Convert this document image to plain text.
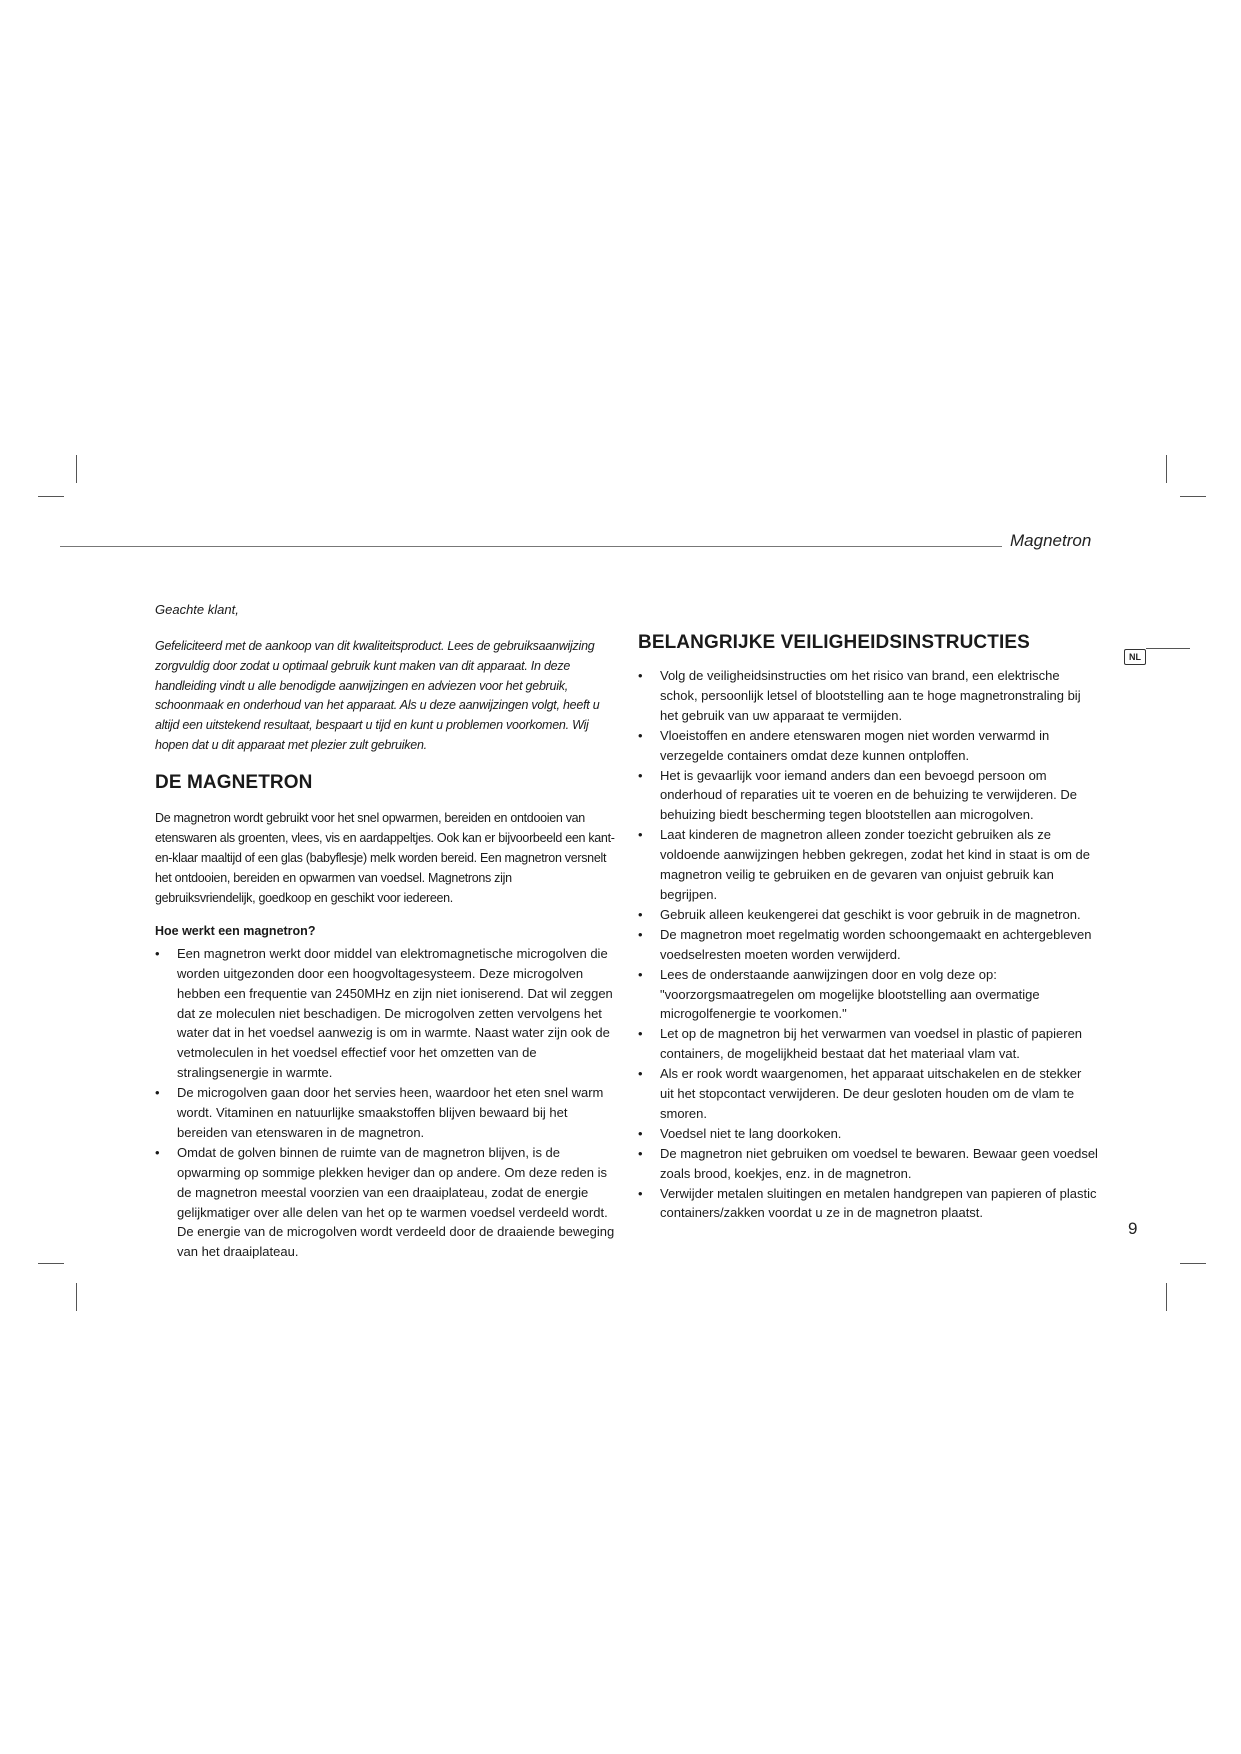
Magnetron
NL

Geachte klant,

Gefeliciteerd met de aankoop van dit kwaliteitsproduct. Lees de gebruiksaanwijzing zorgvuldig door zodat u optimaal gebruik kunt maken van dit apparaat. In deze handleiding vindt u alle benodigde aanwijzingen en adviezen voor het gebruik, schoonmaak en onderhoud van het apparaat. Als u deze aanwijzingen volgt, heeft u altijd een uitstekend resultaat, bespaart u tijd en kunt u problemen voorkomen. Wij hopen dat u dit apparaat met plezier zult gebruiken.

DE MAGNETRON

De magnetron wordt gebruikt voor het snel opwarmen, bereiden en ontdooien van etenswaren als groenten, vlees, vis en aardappeltjes. Ook kan er bijvoorbeeld een kant-en-klaar maaltijd of een glas (babyflesje) melk worden bereid. Een magnetron versnelt het ontdooien, bereiden en opwarmen van voedsel. Magnetrons zijn gebruiksvriendelijk, goedkoop en geschikt voor iedereen.

Hoe werkt een magnetron?

• Een magnetron werkt door middel van elektromagnetische microgolven die worden uitgezonden door een hoogvoltagesysteem. Deze microgolven hebben een frequentie van 2450MHz en zijn niet ioniserend. Dat wil zeggen dat ze moleculen niet beschadigen. De microgolven zetten vervolgens het water dat in het voedsel aanwezig is om in warmte. Naast water zijn ook de vetmoleculen in het voedsel effectief voor het omzetten van de stralingsenergie in warmte.
• De microgolven gaan door het servies heen, waardoor het eten snel warm wordt. Vitaminen en natuurlijke smaakstoffen blijven bewaard bij het bereiden van etenswaren in de magnetron.
• Omdat de golven binnen de ruimte van de magnetron blijven, is de opwarming op sommige plekken heviger dan op andere. Om deze reden is de magnetron meestal voorzien van een draaiplateau, zodat de energie gelijkmatiger over alle delen van het op te warmen voedsel verdeeld wordt. De energie van de microgolven wordt verdeeld door de draaiende beweging van het draaiplateau.
BELANGRIJKE VEILIGHEIDSINSTRUCTIES
• Volg de veiligheidsinstructies om het risico van brand, een elektrische schok, persoonlijk letsel of blootstelling aan te hoge magnetronstraling bij het gebruik van uw apparaat te vermijden.
• Vloeistoffen en andere etenswaren mogen niet worden verwarmd in verzegelde containers omdat deze kunnen ontploffen.
• Het is gevaarlijk voor iemand anders dan een bevoegd persoon om onderhoud of reparaties uit te voeren en de behuizing te verwijderen. De behuizing biedt bescherming tegen blootstellen aan microgolven.
• Laat kinderen de magnetron alleen zonder toezicht gebruiken als ze voldoende aanwijzingen hebben gekregen, zodat het kind in staat is om de magnetron veilig te gebruiken en de gevaren van onjuist gebruik kan begrijpen.
• Gebruik alleen keukengerei dat geschikt is voor gebruik in de magnetron.
• De magnetron moet regelmatig worden schoongemaakt en achtergebleven voedselresten moeten worden verwijderd.
• Lees de onderstaande aanwijzingen door en volg deze op: "voorzorgsmaatregelen om mogelijke blootstelling aan overmatige microgolfenergie te voorkomen."
• Let op de magnetron bij het verwarmen van voedsel in plastic of papieren containers, de mogelijkheid bestaat dat het materiaal vlam vat.
• Als er rook wordt waargenomen, het apparaat uitschakelen en de stekker uit het stopcontact verwijderen. De deur gesloten houden om de vlam te smoren.
• Voedsel niet te lang doorkoken.
• De magnetron niet gebruiken om voedsel te bewaren. Bewaar geen voedsel zoals brood, koekjes, enz. in de magnetron.
• Verwijder metalen sluitingen en metalen handgrepen van papieren of plastic containers/zakken voordat u ze in de magnetron plaatst.
9
